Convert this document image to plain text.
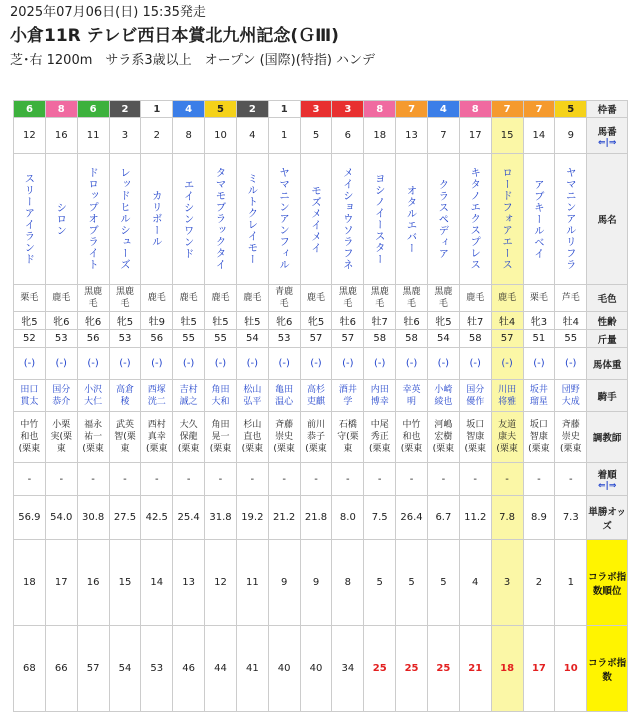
2025年07月06日(日) 15:35発走
小倉11R テレビ西日本賞北九州記念(ＧⅢ)
芝･右 1200m　サラ系3歳以上　オープン (国際)(特指) ハンデ
6	8	6	2	1	4	5	2	1	3	3	8	7	4	8	7	7	5	枠番

12	16	11	3	2	8	10	4	1	5	6	18	13	7	17	15	14	9	馬番
⇐|⇒

スリーアイランド	シロン	ドロップオブライト	レッドヒルシューズ	カリボール	エイシンワンド	タマモブラックタイ	ミルトクレイモー	ヤマニンアンフィル	モズメイメイ	メイショウソラフネ	ヨシノイースター	オタルエバー	クラスペディア	キタノエクスプレス	ロードフォアエース	アブキールベイ	ヤマニンアルリフラ	馬名

栗毛	鹿毛	黒鹿毛	黒鹿毛	鹿毛	鹿毛	鹿毛	鹿毛	青鹿毛	鹿毛	黒鹿毛	黒鹿毛	黒鹿毛	黒鹿毛	鹿毛	鹿毛	栗毛	芦毛	毛色

牝5	牝6	牝6	牝5	牡9	牡5	牡5	牡5	牝6	牝5	牡6	牡7	牡6	牝5	牡7	牡4	牝3	牡4	性齢

52	53	56	53	56	55	55	54	53	57	57	58	58	54	58	57	51	55	斤量

(-)	(-)	(-)	(-)	(-)	(-)	(-)	(-)	(-)	(-)	(-)	(-)	(-)	(-)	(-)	(-)	(-)	(-)	馬体重

田口貫太	国分恭介	小沢大仁	高倉稜	西塚洸二	吉村誠之	角田大和	松山弘平	亀田温心	高杉吏麒	酒井学	内田博幸	幸英明	小崎綾也	国分優作	川田将雅	坂井瑠星	団野大成	騎手

中竹和也(栗東	小栗実(栗東	福永祐一(栗東	武英智(栗東	西村真幸(栗東	大久保龍(栗東	角田晃一(栗東	杉山直也(栗東	斉藤崇史(栗東	前川恭子(栗東	石橋守(栗東	中尾秀正(栗東	中竹和也(栗東	河嶋宏樹(栗東	坂口智康(栗東	友道康夫(栗東	坂口智康(栗東	斉藤崇史(栗東	調教師

-	-	-	-	-	-	-	-	-	-	-	-	-	-	-	-	-	-	着順
⇐|⇒

56.9	54.0	30.8	27.5	42.5	25.4	31.8	19.2	21.2	21.8	8.0	7.5	26.4	6.7	11.2	7.8	8.9	7.3	単勝オッズ

18	17	16	15	14	13	12	11	9	9	8	5	5	5	4	3	2	1	コラボ指数順位

68	66	57	54	53	46	44	41	40	40	34	25	25	25	21	18	17	10	コラボ指数
